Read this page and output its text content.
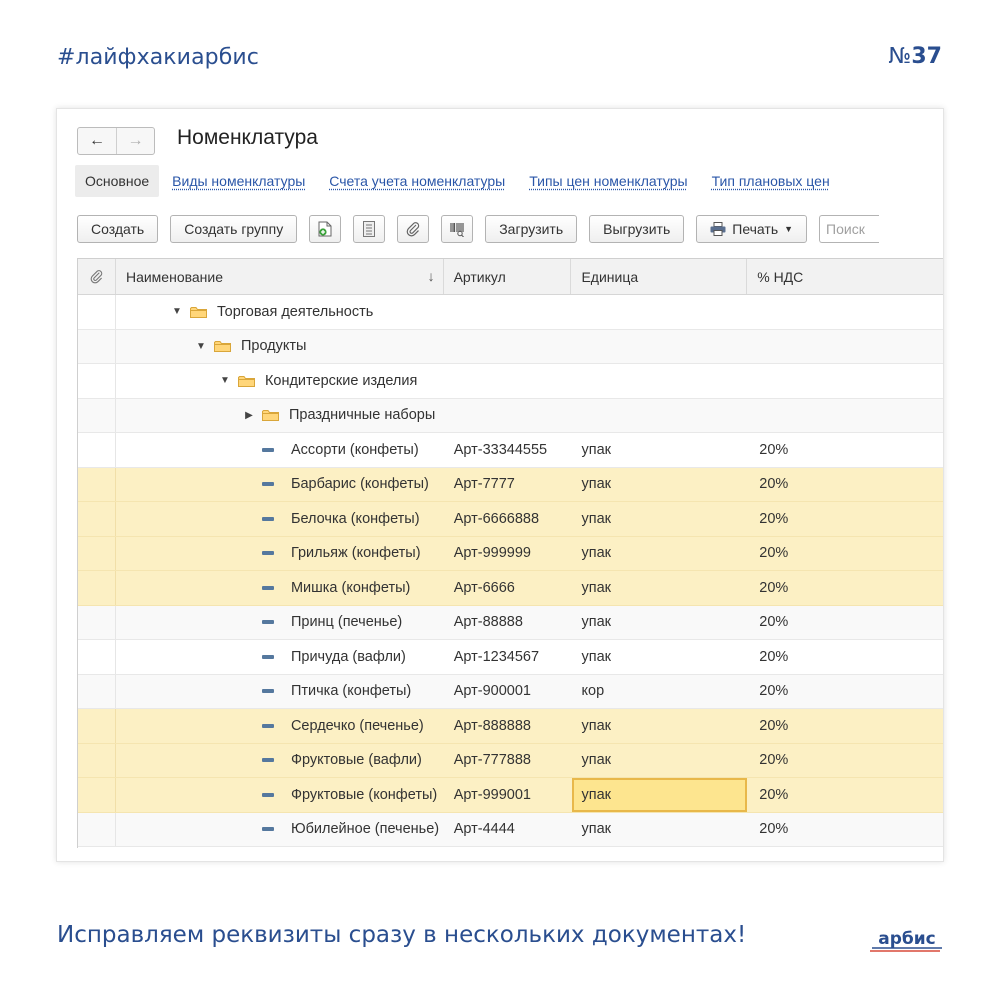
#лайфхакиарбис	№37
←	→	Номенклатура
Основное	Виды номенклатуры Счета учета номенклатуры Типы цен номенклатуры Тип плановых цен
Создать	Создать группу	Загрузить	Выгрузить	Печать ▼	Поиск
Наименование	↓	Артикул	Единица	% НДС
▼ Торговая деятельность
▼ Продукты
▼ Кондитерские изделия
▶ Праздничные наборы
Ассорти (конфеты)	Арт-33344555	упак	20%
Барбарис (конфеты)	Арт-7777	упак	20%
Белочка (конфеты)	Арт-6666888	упак	20%
Грильяж (конфеты)	Арт-999999	упак	20%
Мишка (конфеты)	Арт-6666	упак	20%
Принц (печенье)	Арт-88888	упак	20%
Причуда (вафли)	Арт-1234567	упак	20%
Птичка (конфеты)	Арт-900001	кор	20%
Сердечко (печенье)	Арт-888888	упак	20%
Фруктовые (вафли)	Арт-777888	упак	20%
Фруктовые (конфеты)	Арт-999001	упак	20%
Юбилейное (печенье)	Арт-4444	упак	20%
Исправляем реквизиты сразу в нескольких документах!	арбис
